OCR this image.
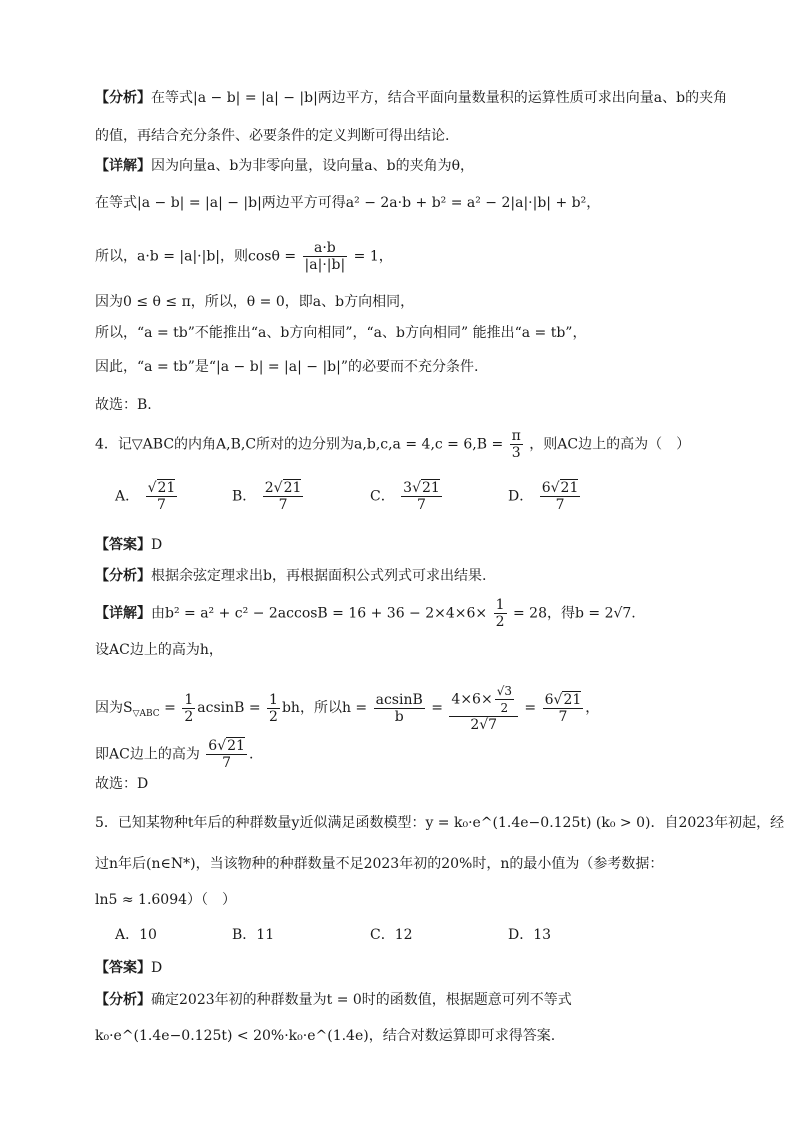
【分析】在等式|a − b| = |a| − |b|两边平方，结合平面向量数量积的运算性质可求出向量a、b的夹角
的值，再结合充分条件、必要条件的定义判断可得出结论.
【详解】因为向量a、b为非零向量，设向量a、b的夹角为θ，
在等式|a − b| = |a| − |b|两边平方可得a² − 2a·b + b² = a² − 2|a|·|b| + b²，
所以，a·b = |a|·|b|，则$\cos\theta = \frac{a\cdot b}{|a|\cdot|b|} = 1$，
因为0 ≤ θ ≤ π，所以，θ = 0，即a、b方向相同，
所以，“a = tb”不能推出“a、b方向相同”，“a、b方向相同” 能推出“a = tb”，
因此，“a = tb”是“|a − b| = |a| − |b|”的必要而不充分条件.
故选：B.
4．记▽ABC的内角A,B,C所对的边分别为$a,b,c,a = 4,c = 6,B = \frac{\pi}{3}$ ，则AC边上的高为（　）
A． $\frac{√21}{7}$	B． $\frac{2√21}{7}$	C． $\frac{3√21}{7}$	D． $\frac{6√21}{7}$
【答案】D
【分析】根据余弦定理求出b，再根据面积公式列式可求出结果.
【详解】由$b^2 = a^2 + c^2 - 2accosB = 16 + 36 - 2\times 4\times 6\times \frac{1}{2} = 28$，得b = 2√7.
设AC边上的高为h，
因为$S_{▽ABC} = \frac{1}{2}$ $acsinB = \frac{1}{2}$ bh，所以$h = \frac{acsinB}{b} = \frac{4\times 6\times \frac{√3}{2}}{2√7} = \frac{6√21}{7}$ ，
即AC边上的高为 $\frac{6√21}{7}$ .
故选：D
5．已知某物种t年后的种群数量y近似满足函数模型：y = k₀·e^(1.4e−0.125t) (k₀ > 0)．自2023年初起，经
过n年后(n∈N*)，当该物种的种群数量不足2023年初的20%时，n的最小值为（参考数据：
ln5 ≈ 1.6094）（　）
A．10	B．11	C．12	D．13
【答案】D
【分析】确定2023年初的种群数量为t = 0时的函数值，根据题意可列不等式
k₀·e^(1.4e−0.125t) < 20%·k₀·e^(1.4e)，结合对数运算即可求得答案.
